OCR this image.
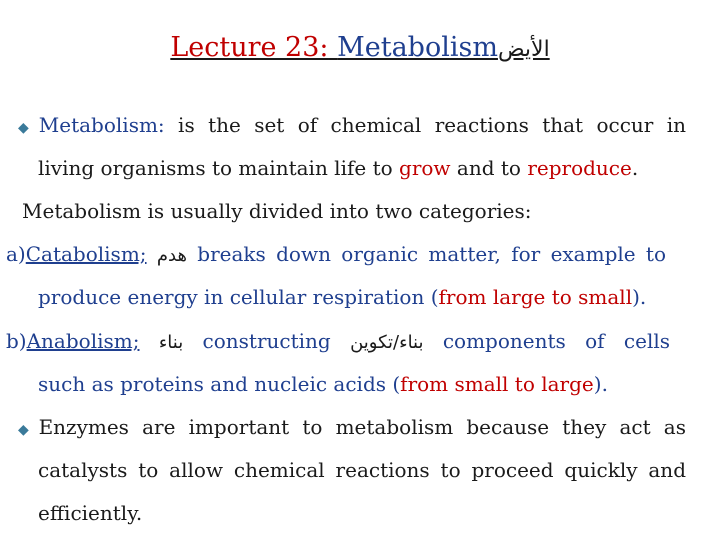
Lecture 23: Metabolismالأيض
◆ Metabolism: is the set of chemical reactions that occur in
living organisms to maintain life to grow and to reproduce.
Metabolism is usually divided into two categories:
a)Catabolism; هدم breaks down organic matter, for example to
produce energy in cellular respiration (from large to small).
b)Anabolism; بناء constructing بناء/تكوين components of cells
such as proteins and nucleic acids (from small to large).
◆ Enzymes are important to metabolism because they act as
catalysts to allow chemical reactions to proceed quickly and
efficiently.
